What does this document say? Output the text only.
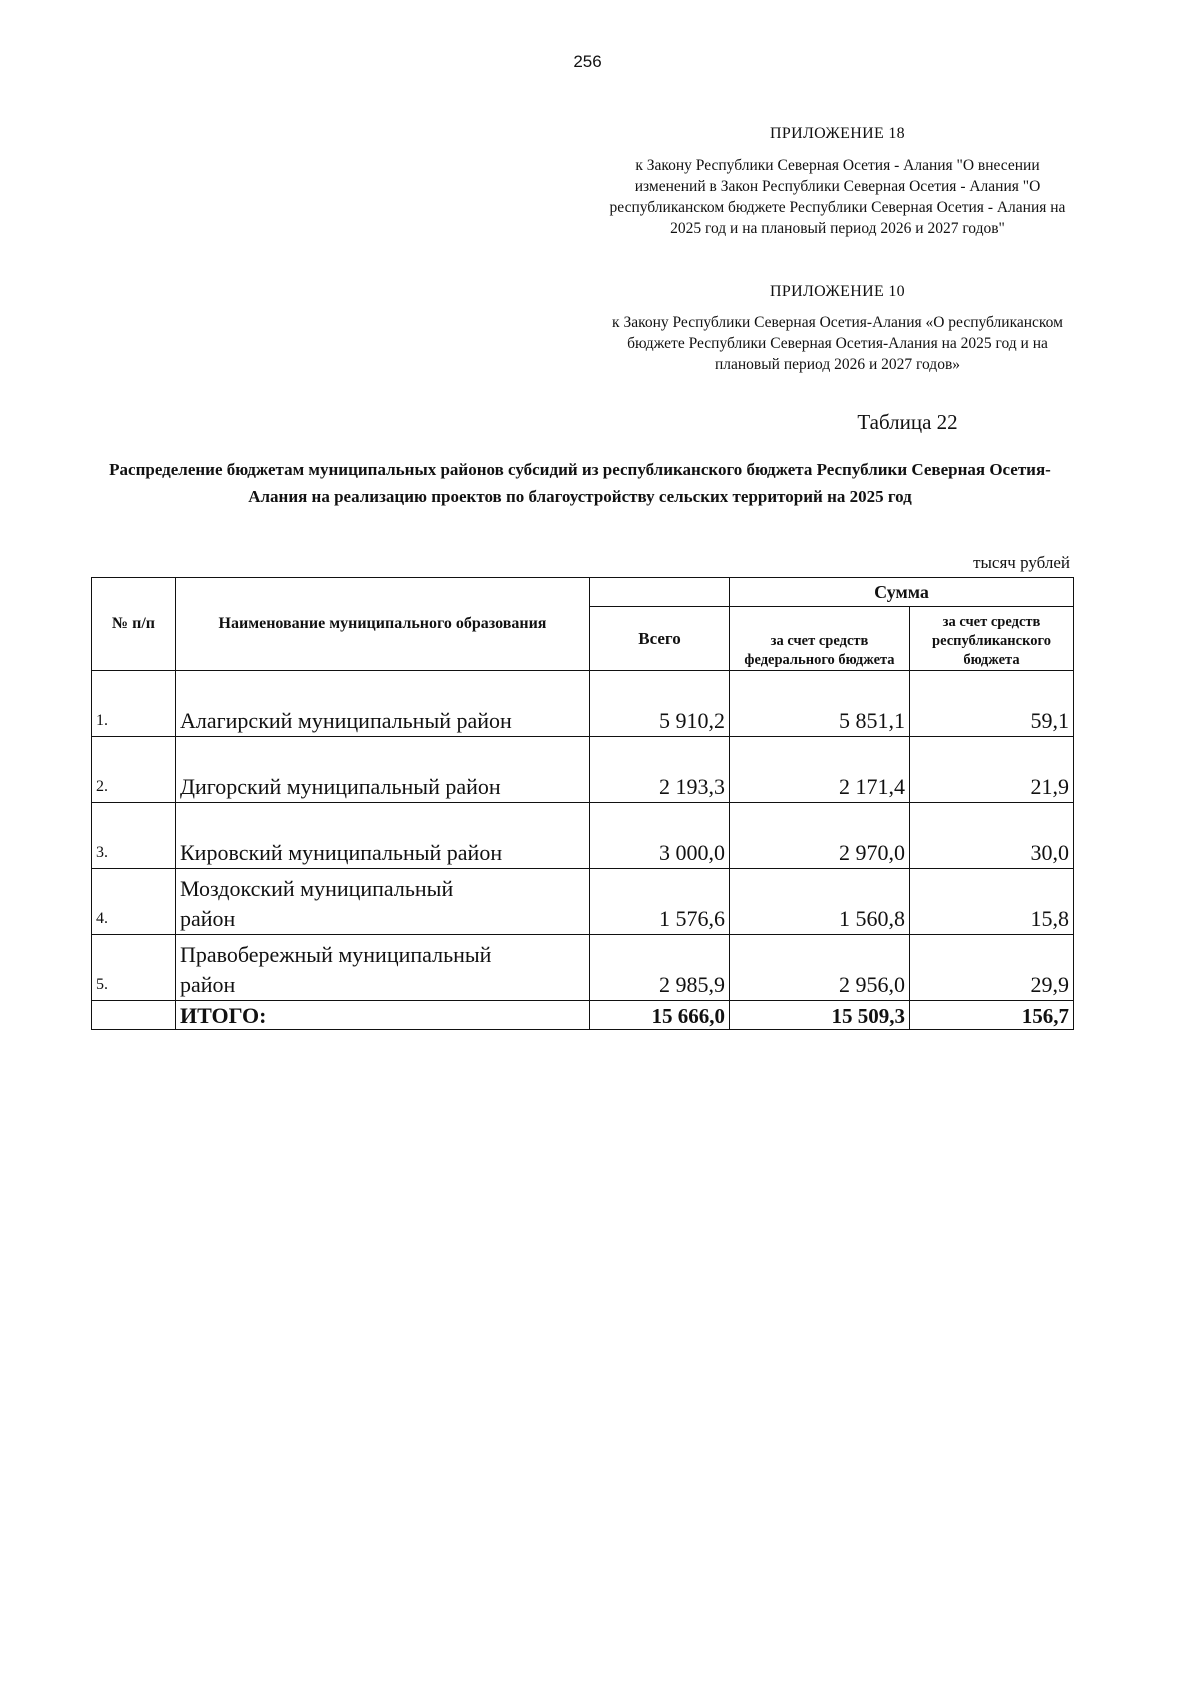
256
ПРИЛОЖЕНИЕ 18
к Закону Республики Северная Осетия - Алания "О внесении изменений в Закон Республики Северная Осетия - Алания "О республиканском бюджете Республики Северная Осетия - Алания на 2025 год и на плановый период 2026 и 2027 годов"
ПРИЛОЖЕНИЕ 10
к Закону Республики Северная Осетия-Алания «О республиканском бюджете Республики Северная Осетия-Алания на 2025 год и на плановый период 2026 и 2027 годов»
Таблица 22
Распределение бюджетам муниципальных районов субсидий из республиканского бюджета Республики Северная Осетия-Алания на реализацию проектов по благоустройству сельских территорий на 2025 год
тысяч рублей
№ п/п	Наименование муниципального образования		Сумма	
		Всего	за счет средств федерального бюджета	за счет средств республиканского бюджета
1.	Алагирский муниципальный район	5 910,2	5 851,1	59,1
2.	Дигорский муниципальный район	2 193,3	2 171,4	21,9
3.	Кировский муниципальный район	3 000,0	2 970,0	30,0
4.	Моздокский муниципальный район	1 576,6	1 560,8	15,8
5.	Правобережный муниципальный район	2 985,9	2 956,0	29,9
	ИТОГО:	15 666,0	15 509,3	156,7
